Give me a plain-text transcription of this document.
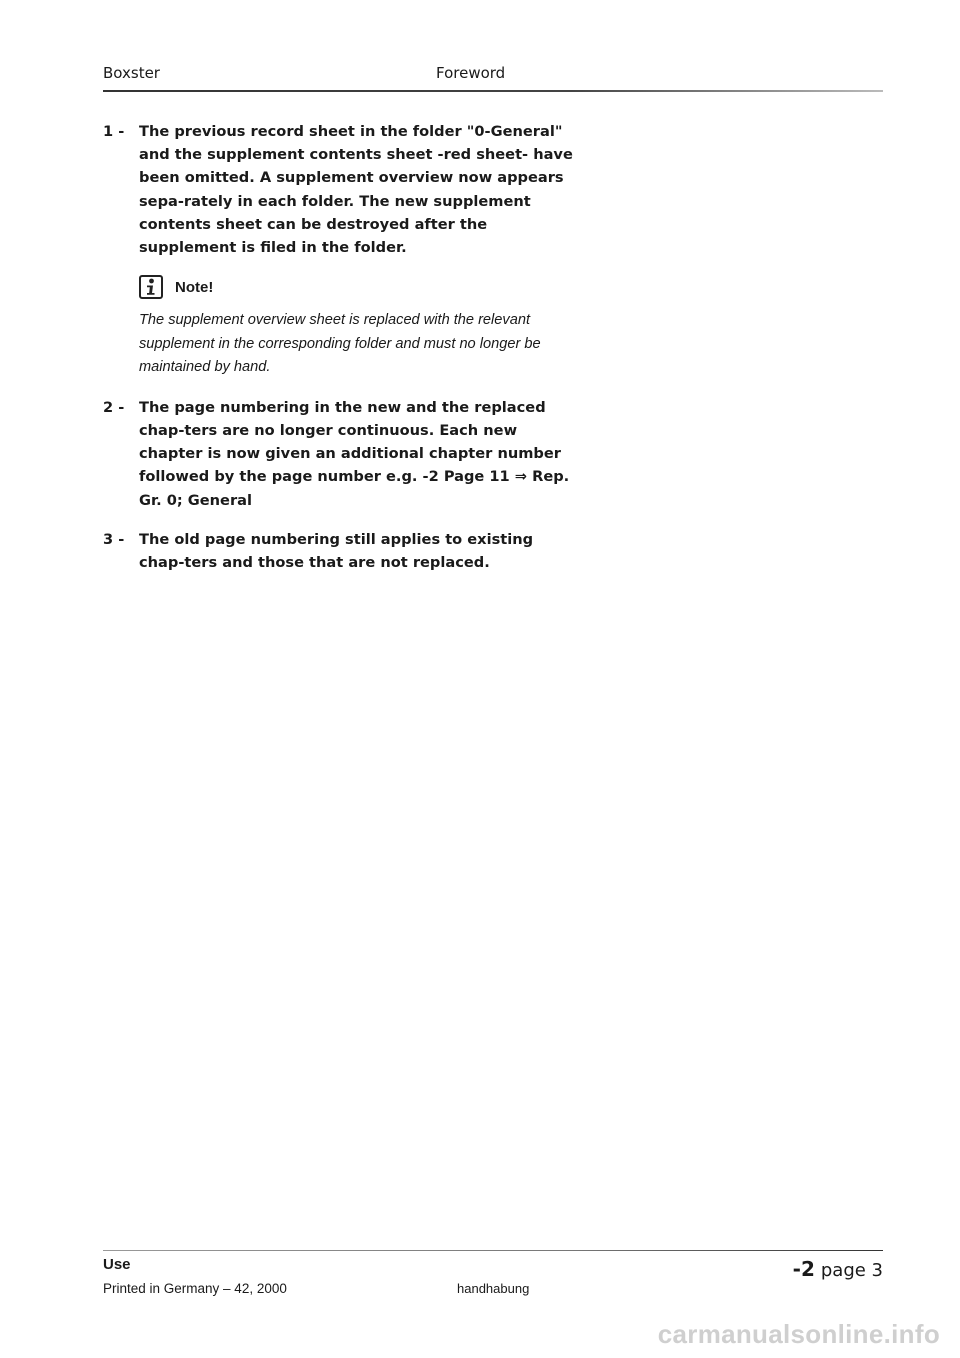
Boxster	Foreword
1 -	The previous record sheet in the folder "0-General" and the supplement contents sheet -red sheet- have been omitted. A supplement overview now appears sepa-rately in each folder. The new supplement contents sheet can be destroyed after the supplement is filed in the folder.
Note!
The supplement overview sheet is replaced with the relevant supplement in the corresponding folder and must no longer be maintained by hand.
2 -	The page numbering in the new and the replaced chap-ters are no longer continuous. Each new chapter is now given an additional chapter number followed by the page number e.g. -2 Page 11 ⇒ Rep. Gr. 0; General
3 -	The old page numbering still applies to existing chap-ters and those that are not replaced.
Use
Printed in Germany – 42, 2000	handhabung
-2 page 3
carmanualsonline.info
